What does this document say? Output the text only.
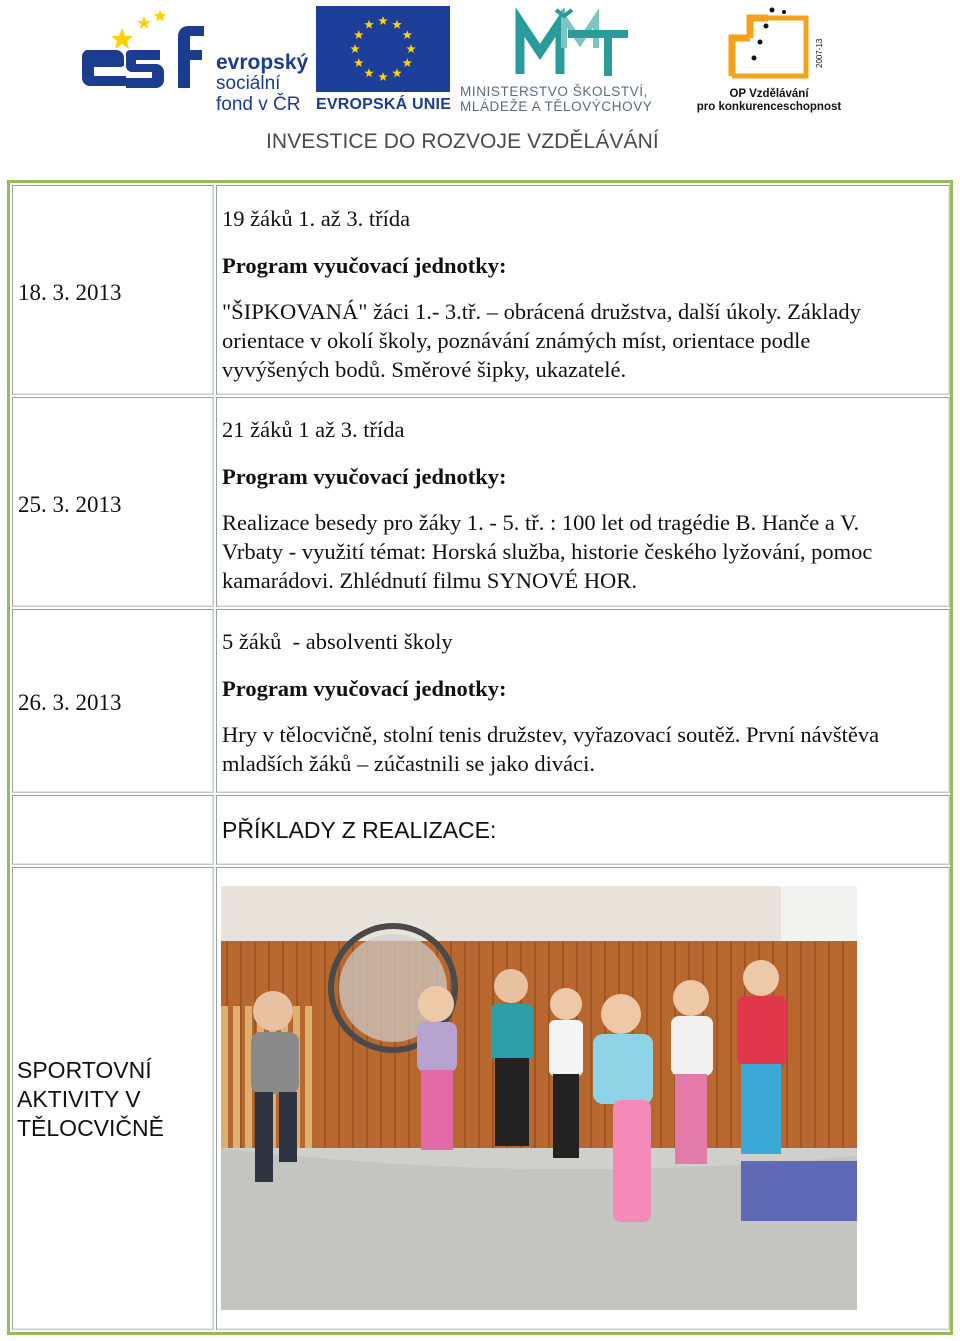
evropský
sociální
fond v ČR EVROPSKÁ UNIE
MINISTERSTVO ŠKOLSTVÍ,
MLÁDEŽE A TĚLOVÝCHOVY
2007-13
OP Vzdělávání
pro konkurenceschopnost
INVESTICE DO ROZVOJE VZDĚLÁVÁNÍ
18. 3. 2013
19 žáků 1. až 3. třída
Program vyučovací jednotky:
"ŠIPKOVANÁ" žáci 1.- 3.tř. – obrácená družstva, další úkoly. Základy
orientace v okolí školy, poznávání známých míst, orientace podle
vyvýšených bodů. Směrové šipky, ukazatelé.
25. 3. 2013
21 žáků 1 až 3. třída
Program vyučovací jednotky:
Realizace besedy pro žáky 1. - 5. tř. : 100 let od tragédie B. Hanče a V.
Vrbaty - využití témat: Horská služba, historie českého lyžování, pomoc
kamarádovi. Zhlédnutí filmu SYNOVÉ HOR.
26. 3. 2013
5 žáků  - absolventi školy
Program vyučovací jednotky:
Hry v tělocvičně, stolní tenis družstev, vyřazovací soutěž. První návštěva
mladších žáků – zúčastnili se jako diváci.
PŘÍKLADY Z REALIZACE:
SPORTOVNÍ
AKTIVITY V
TĚLOCVIČNĚ
